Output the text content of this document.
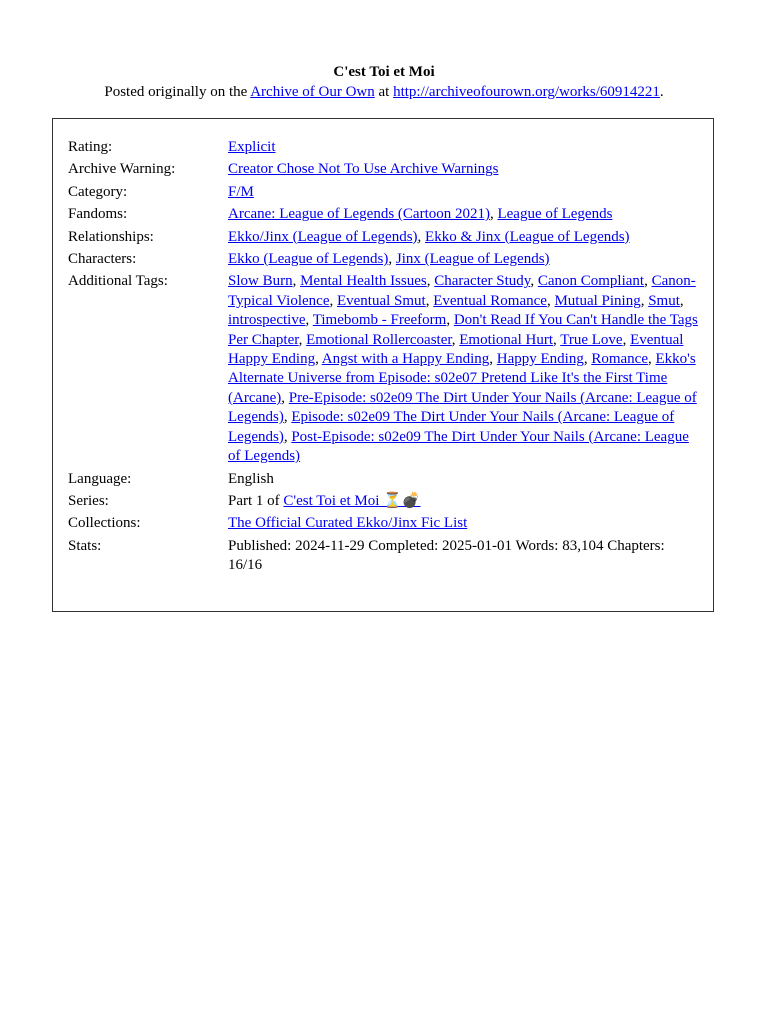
C'est Toi et Moi
Posted originally on the Archive of Our Own at http://archiveofourown.org/works/60914221.
Rating:	Explicit
Archive Warning:	Creator Chose Not To Use Archive Warnings
Category:	F/M
Fandoms:	Arcane: League of Legends (Cartoon 2021), League of Legends
Relationships:	Ekko/Jinx (League of Legends), Ekko & Jinx (League of Legends)
Characters:	Ekko (League of Legends), Jinx (League of Legends)
Additional Tags:	Slow Burn, Mental Health Issues, Character Study, Canon Compliant, Canon-Typical Violence, Eventual Smut, Eventual Romance, Mutual Pining, Smut, introspective, Timebomb - Freeform, Don't Read If You Can't Handle the Tags Per Chapter, Emotional Rollercoaster, Emotional Hurt, True Love, Eventual Happy Ending, Angst with a Happy Ending, Happy Ending, Romance, Ekko's Alternate Universe from Episode: s02e07 Pretend Like It's the First Time (Arcane), Pre-Episode: s02e09 The Dirt Under Your Nails (Arcane: League of Legends), Episode: s02e09 The Dirt Under Your Nails (Arcane: League of Legends), Post-Episode: s02e09 The Dirt Under Your Nails (Arcane: League of Legends)
Language:	English
Series:	Part 1 of C'est Toi et Moi ⏳💣
Collections:	The Official Curated Ekko/Jinx Fic List
Stats:	Published: 2024-11-29 Completed: 2025-01-01 Words: 83,104 Chapters: 16/16
